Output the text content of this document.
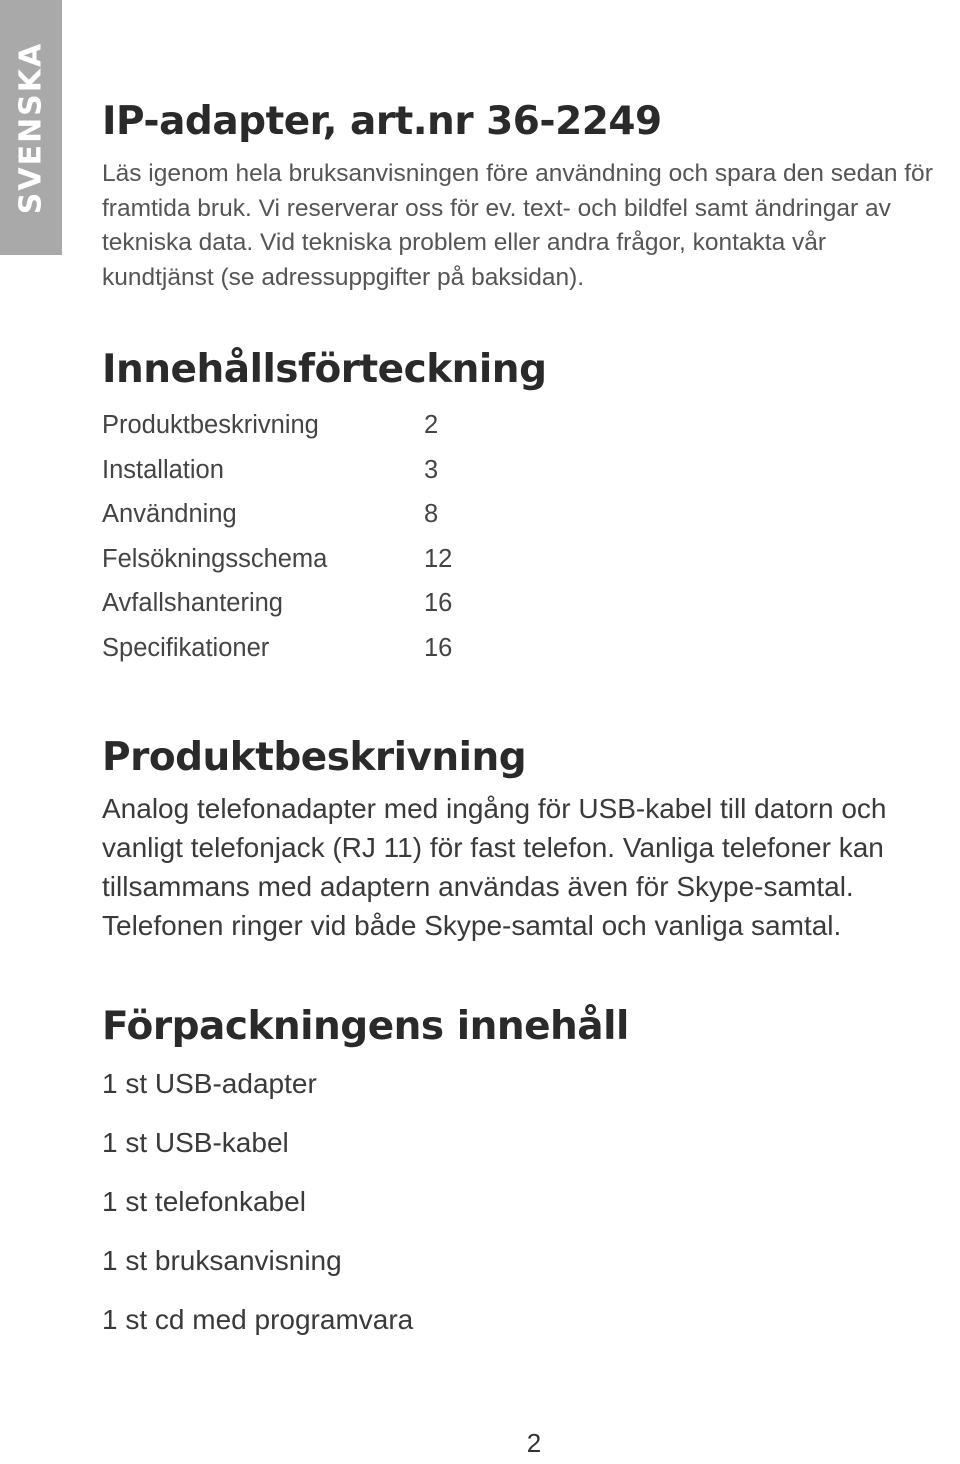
SVENSKA IP-adapter, art.nr 36-2249

Läs igenom hela bruksanvisningen före användning och spara den sedan för framtida bruk. Vi reserverar oss för ev. text- och bildfel samt ändringar av tekniska data. Vid tekniska problem eller andra frågor, kontakta vår kundtjänst (se adressuppgifter på baksidan).

Innehållsförteckning
Produktbeskrivning	2
Installation	3
Användning	8
Felsökningsschema	12
Avfallshantering	16
Specifikationer	16
Produktbeskrivning

Analog telefonadapter med ingång för USB-kabel till datorn och vanligt telefonjack (RJ 11) för fast telefon. Vanliga telefoner kan tillsammans med adaptern användas även för Skype-samtal. Telefonen ringer vid både Skype-samtal och vanliga samtal.

Förpackningens innehåll
1 st USB-adapter
1 st USB-kabel
1 st telefonkabel
1 st bruksanvisning
1 st cd med programvara
2
